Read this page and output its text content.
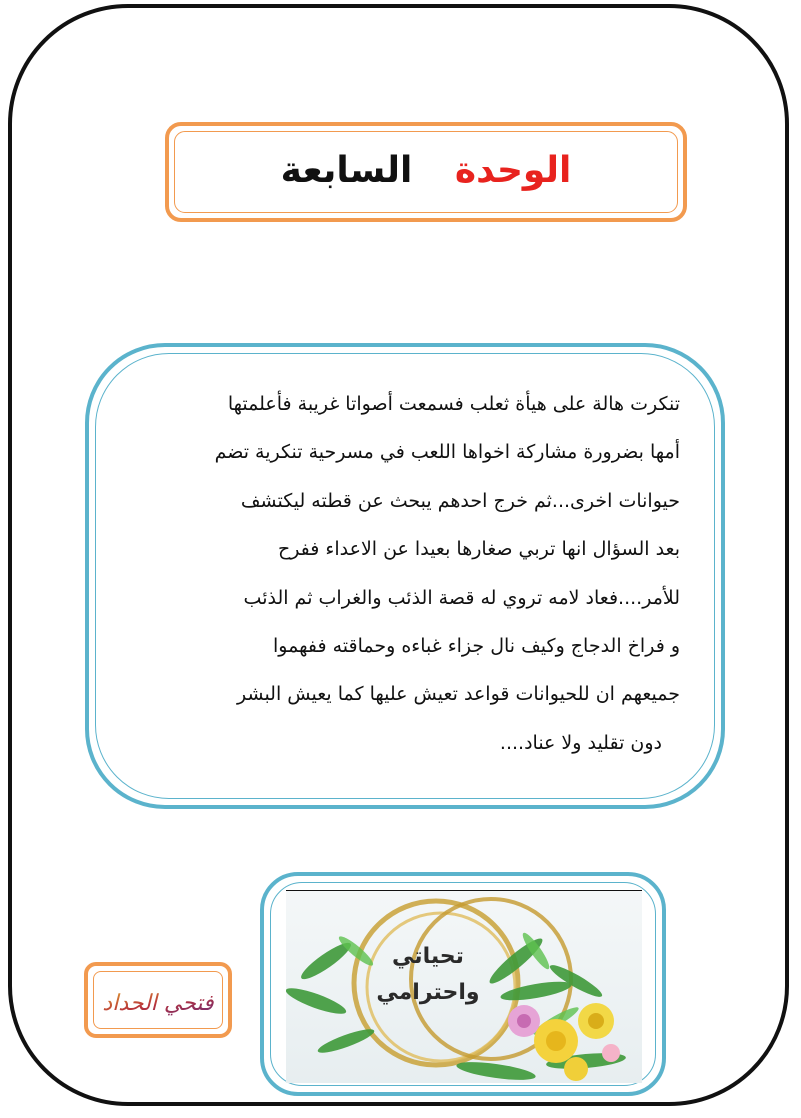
الوحدة السابعة
تنكرت هالة على هيأة ثعلب فسمعت أصواتا غريبة فأعلمتها
أمها بضرورة مشاركة اخواها اللعب في مسرحية تنكرية تضم
حيوانات اخرى...ثم خرج احدهم يبحث عن قطته ليكتشف
بعد السؤال انها تربي صغارها بعيدا عن الاعداء ففرح
للأمر....فعاد لامه تروي له قصة الذئب والغراب ثم الذئب
و فراخ الدجاج وكيف نال جزاء غباءه وحماقته ففهموا
جميعهم ان للحيوانات قواعد تعيش عليها كما يعيش البشر
دون تقليد ولا عناد....
تحياتي
واحترامي
فتحي الحداد
